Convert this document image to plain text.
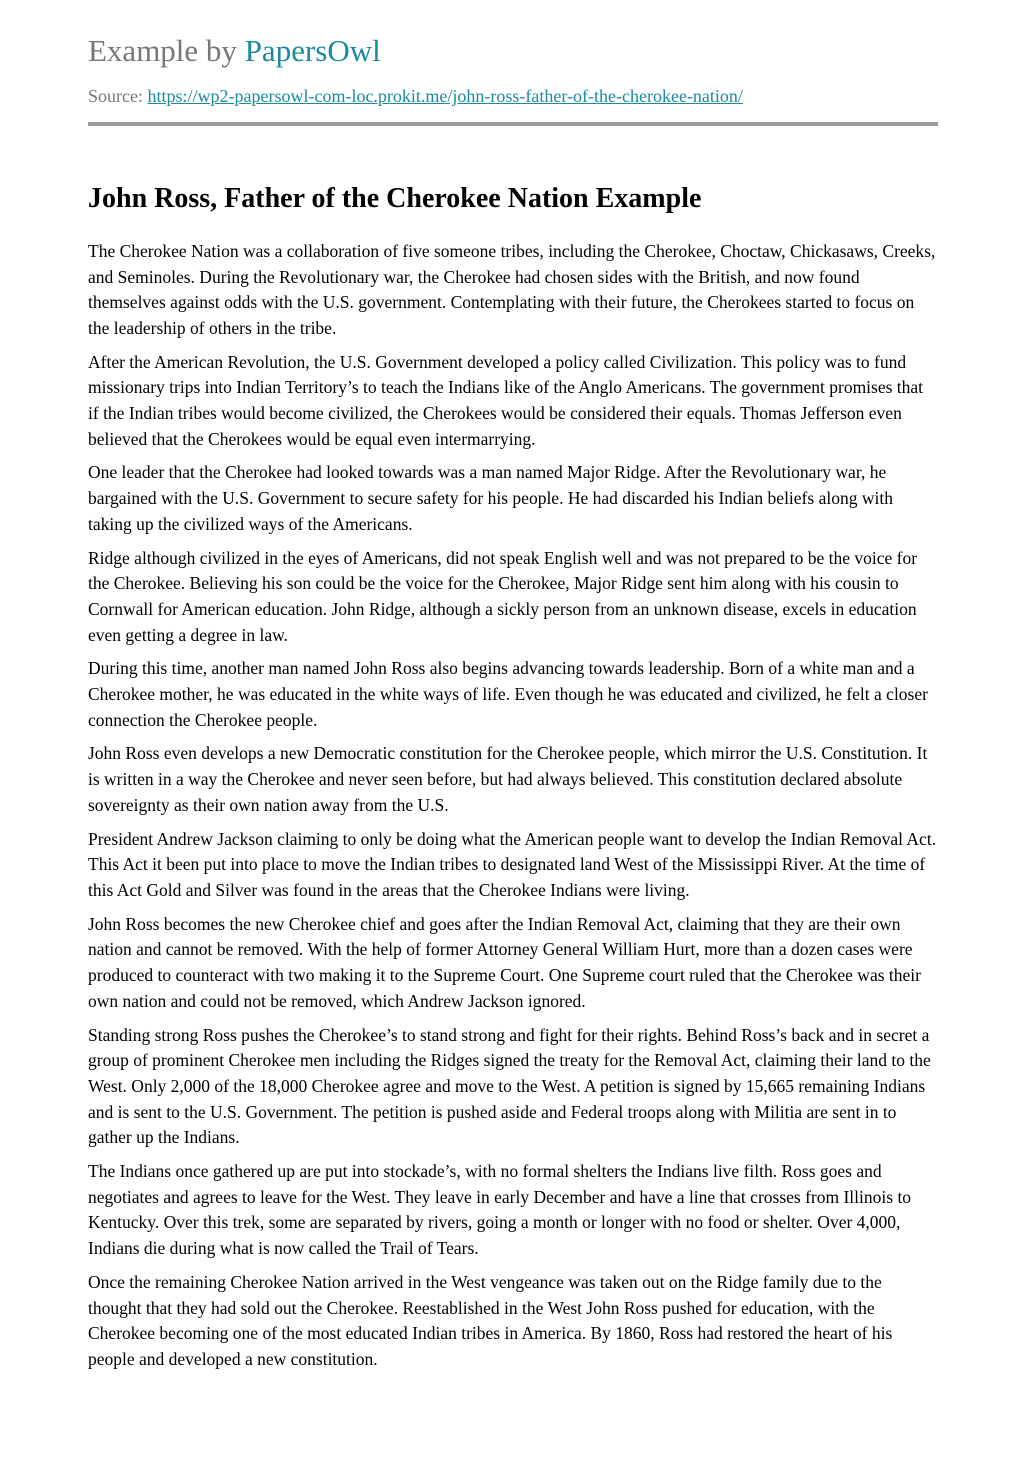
Example by PapersOwl
Source: https://wp2-papersowl-com-loc.prokit.me/john-ross-father-of-the-cherokee-nation/
John Ross, Father of the Cherokee Nation Example

The Cherokee Nation was a collaboration of five someone tribes, including the Cherokee, Choctaw, Chickasaws, Creeks, and Seminoles. During the Revolutionary war, the Cherokee had chosen sides with the British, and now found themselves against odds with the U.S. government. Contemplating with their future, the Cherokees started to focus on the leadership of others in the tribe.

After the American Revolution, the U.S. Government developed a policy called Civilization. This policy was to fund missionary trips into Indian Territory’s to teach the Indians like of the Anglo Americans. The government promises that if the Indian tribes would become civilized, the Cherokees would be considered their equals. Thomas Jefferson even believed that the Cherokees would be equal even intermarrying.

One leader that the Cherokee had looked towards was a man named Major Ridge. After the Revolutionary war, he bargained with the U.S. Government to secure safety for his people. He had discarded his Indian beliefs along with taking up the civilized ways of the Americans.

Ridge although civilized in the eyes of Americans, did not speak English well and was not prepared to be the voice for the Cherokee. Believing his son could be the voice for the Cherokee, Major Ridge sent him along with his cousin to Cornwall for American education. John Ridge, although a sickly person from an unknown disease, excels in education even getting a degree in law.

During this time, another man named John Ross also begins advancing towards leadership. Born of a white man and a Cherokee mother, he was educated in the white ways of life. Even though he was educated and civilized, he felt a closer connection the Cherokee people.

John Ross even develops a new Democratic constitution for the Cherokee people, which mirror the U.S. Constitution. It is written in a way the Cherokee and never seen before, but had always believed. This constitution declared absolute sovereignty as their own nation away from the U.S.

President Andrew Jackson claiming to only be doing what the American people want to develop the Indian Removal Act. This Act it been put into place to move the Indian tribes to designated land West of the Mississippi River. At the time of this Act Gold and Silver was found in the areas that the Cherokee Indians were living.

John Ross becomes the new Cherokee chief and goes after the Indian Removal Act, claiming that they are their own nation and cannot be removed. With the help of former Attorney General William Hurt, more than a dozen cases were produced to counteract with two making it to the Supreme Court. One Supreme court ruled that the Cherokee was their own nation and could not be removed, which Andrew Jackson ignored.

Standing strong Ross pushes the Cherokee’s to stand strong and fight for their rights. Behind Ross’s back and in secret a group of prominent Cherokee men including the Ridges signed the treaty for the Removal Act, claiming their land to the West. Only 2,000 of the 18,000 Cherokee agree and move to the West. A petition is signed by 15,665 remaining Indians and is sent to the U.S. Government. The petition is pushed aside and Federal troops along with Militia are sent in to gather up the Indians.

The Indians once gathered up are put into stockade’s, with no formal shelters the Indians live filth. Ross goes and negotiates and agrees to leave for the West. They leave in early December and have a line that crosses from Illinois to Kentucky. Over this trek, some are separated by rivers, going a month or longer with no food or shelter. Over 4,000, Indians die during what is now called the Trail of Tears.

Once the remaining Cherokee Nation arrived in the West vengeance was taken out on the Ridge family due to the thought that they had sold out the Cherokee. Reestablished in the West John Ross pushed for education, with the Cherokee becoming one of the most educated Indian tribes in America. By 1860, Ross had restored the heart of his people and developed a new constitution.
